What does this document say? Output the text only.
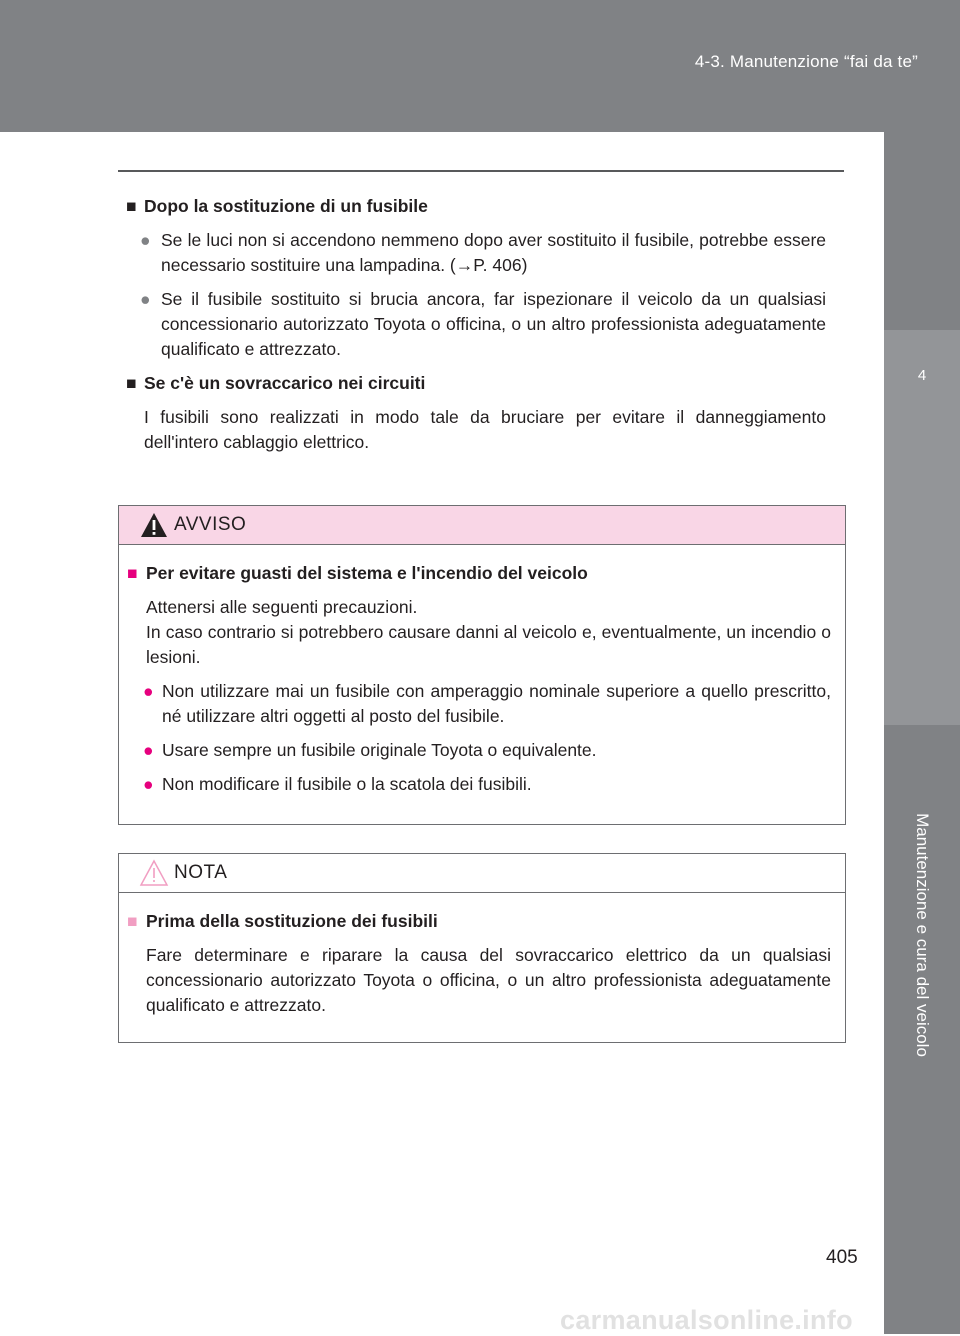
4-3. Manutenzione “fai da te”
4
Manutenzione e cura del veicolo
■ Dopo la sostituzione di un fusibile
● Se le luci non si accendono nemmeno dopo aver sostituito il fusibile, potrebbe essere necessario sostituire una lampadina. (→P. 406)
● Se il fusibile sostituito si brucia ancora, far ispezionare il veicolo da un qualsiasi concessionario autorizzato Toyota o officina, o un altro professionista adeguatamente qualificato e attrezzato.
■ Se c'è un sovraccarico nei circuiti
I fusibili sono realizzati in modo tale da bruciare per evitare il danneggiamento dell'intero cablaggio elettrico.
AVVISO
■ Per evitare guasti del sistema e l'incendio del veicolo
Attenersi alle seguenti precauzioni.
In caso contrario si potrebbero causare danni al veicolo e, eventualmente, un incendio o lesioni.
● Non utilizzare mai un fusibile con amperaggio nominale superiore a quello prescritto, né utilizzare altri oggetti al posto del fusibile.
● Usare sempre un fusibile originale Toyota o equivalente.
● Non modificare il fusibile o la scatola dei fusibili.
NOTA
■ Prima della sostituzione dei fusibili
Fare determinare e riparare la causa del sovraccarico elettrico da un qualsiasi concessionario autorizzato Toyota o officina, o un altro professionista adeguatamente qualificato e attrezzato.
405
carmanualsonline.info
